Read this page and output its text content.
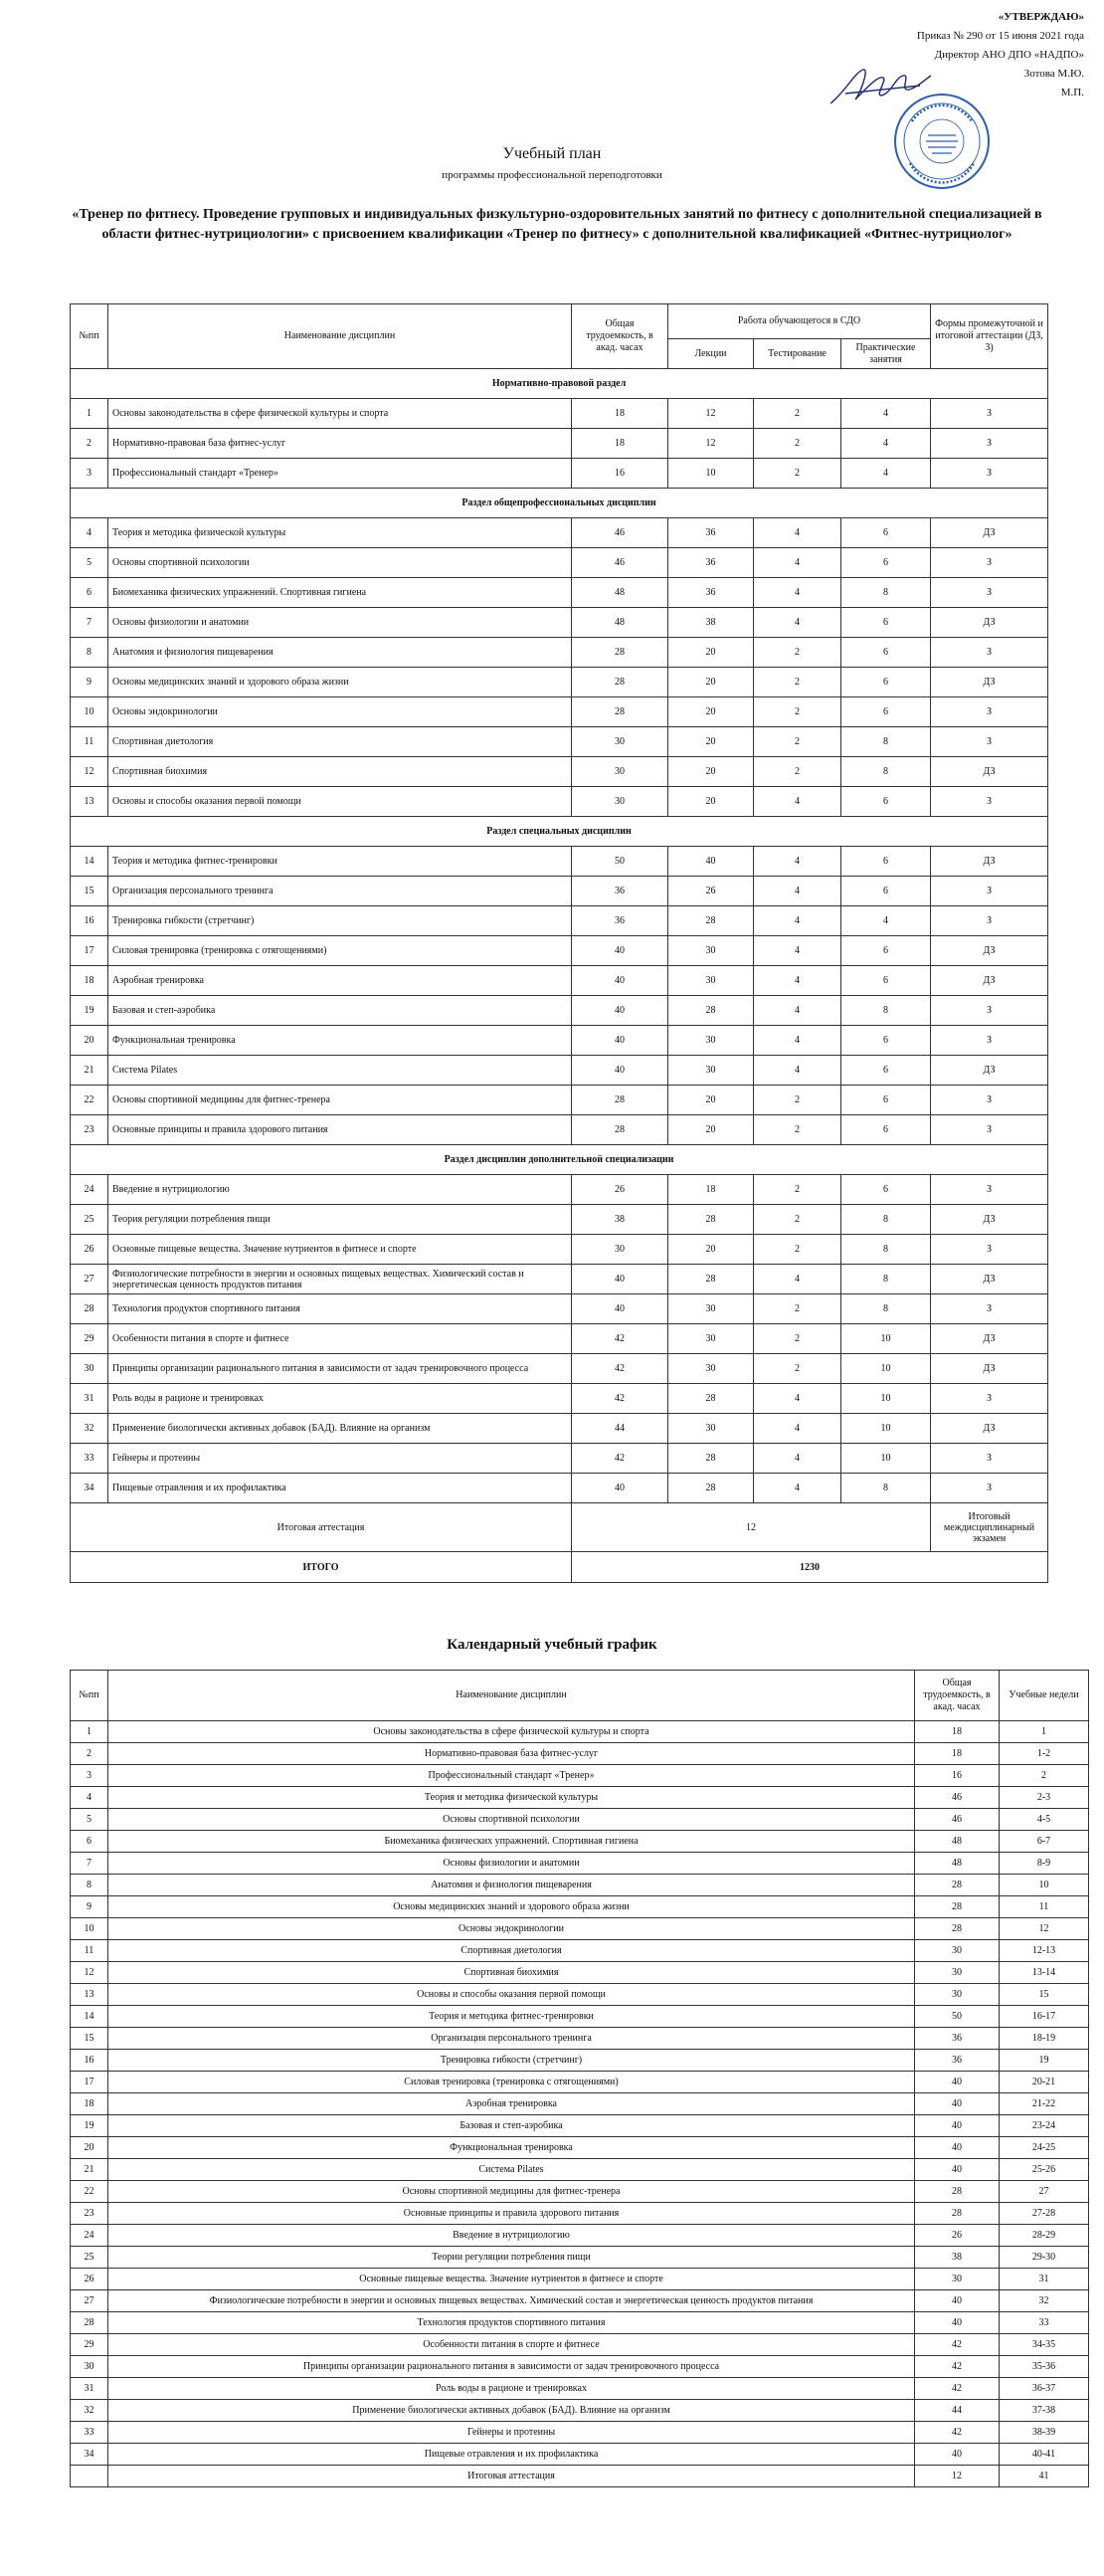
«УТВЕРЖДАЮ»
Приказ № 290 от 15 июня 2021 года
Директор АНО ДПО «НАДПО»
Зотова М.Ю.
М.П.
Учебный план
программы профессиональной переподготовки
«Тренер по фитнесу. Проведение групповых и индивидуальных физкультурно-оздоровительных занятий по фитнесу с дополнительной специализацией в области фитнес-нутрициологии» с присвоением квалификации «Тренер по фитнесу» с дополнительной квалификацией «Фитнес-нутрициолог»
№пп	Наименование дисциплин	Общая трудоемкость, в акад. часах	Работа обучающегося в СДО			Формы промежуточной и итоговой аттестации (ДЗ, З)
			Лекции	Тестирование	Практические занятия	
Нормативно-правовой раздел						
1	Основы законодательства в сфере физической культуры и спорта	18	12	2	4	З
2	Нормативно-правовая база фитнес-услуг	18	12	2	4	З
3	Профессиональный стандарт «Тренер»	16	10	2	4	З
Раздел общепрофессиональных дисциплин						
4	Теория и методика физической культуры	46	36	4	6	ДЗ
5	Основы спортивной психологии	46	36	4	6	З
6	Биомеханика физических упражнений. Спортивная гигиена	48	36	4	8	З
7	Основы физиологии и анатомии	48	38	4	6	ДЗ
8	Анатомия и физиология пищеварения	28	20	2	6	З
9	Основы медицинских знаний и здорового образа жизни	28	20	2	6	ДЗ
10	Основы эндокринологии	28	20	2	6	З
11	Спортивная диетология	30	20	2	8	З
12	Спортивная биохимия	30	20	2	8	ДЗ
13	Основы и способы оказания первой помощи	30	20	4	6	З
Раздел специальных дисциплин						
14	Теория и методика фитнес-тренировки	50	40	4	6	ДЗ
15	Организация персонального тренинга	36	26	4	6	З
16	Тренировка гибкости (стретчинг)	36	28	4	4	З
17	Силовая тренировка (тренировка с отягощениями)	40	30	4	6	ДЗ
18	Аэробная тренировка	40	30	4	6	ДЗ
19	Базовая и степ-аэробика	40	28	4	8	З
20	Функциональная тренировка	40	30	4	6	З
21	Система Pilates	40	30	4	6	ДЗ
22	Основы спортивной медицины для фитнес-тренера	28	20	2	6	З
23	Основные принципы и правила здорового питания	28	20	2	6	З
Раздел дисциплин дополнительной специализации						
24	Введение в нутрициологию	26	18	2	6	З
25	Теория регуляции потребления пищи	38	28	2	8	ДЗ
26	Основные пищевые вещества. Значение нутриентов в фитнесе и спорте	30	20	2	8	З
27	Физиологические потребности в энергии и основных пищевых веществах. Химический состав и энергетическая ценность продуктов питания	40	28	4	8	ДЗ
28	Технология продуктов спортивного питания	40	30	2	8	З
29	Особенности питания в спорте и фитнесе	42	30	2	10	ДЗ
30	Принципы организации рационального питания в зависимости от задач тренировочного процесса	42	30	2	10	ДЗ
31	Роль воды в рационе и тренировках	42	28	4	10	З
32	Применение биологически активных добавок (БАД). Влияние на организм	44	30	4	10	ДЗ
33	Гейнеры и протеины	42	28	4	10	З
34	Пищевые отравления и их профилактика	40	28	4	8	З
Итоговая аттестация		12				Итоговый междисциплинарный экзамен
ИТОГО		1230				
Календарный учебный график
№пп	Наименование дисциплин	Общая трудоемкость, в акад. часах	Учебные недели
1	Основы законодательства в сфере физической культуры и спорта	18	1
2	Нормативно-правовая база фитнес-услуг	18	1-2
3	Профессиональный стандарт «Тренер»	16	2
4	Теория и методика физической культуры	46	2-3
5	Основы спортивной психологии	46	4-5
6	Биомеханика физических упражнений. Спортивная гигиена	48	6-7
7	Основы физиологии и анатомии	48	8-9
8	Анатомия и физиология пищеварения	28	10
9	Основы медицинских знаний и здорового образа жизни	28	11
10	Основы эндокринологии	28	12
11	Спортивная диетология	30	12-13
12	Спортивная биохимия	30	13-14
13	Основы и способы оказания первой помощи	30	15
14	Теория и методика фитнес-тренировки	50	16-17
15	Организация персонального тренинга	36	18-19
16	Тренировка гибкости (стретчинг)	36	19
17	Силовая тренировка (тренировка с отягощениями)	40	20-21
18	Аэробная тренировка	40	21-22
19	Базовая и степ-аэробика	40	23-24
20	Функциональная тренировка	40	24-25
21	Система Pilates	40	25-26
22	Основы спортивной медицины для фитнес-тренера	28	27
23	Основные принципы и правила здорового питания	28	27-28
24	Введение в нутрициологию	26	28-29
25	Теории регуляции потребления пищи	38	29-30
26	Основные пищевые вещества. Значение нутриентов в фитнесе и спорте	30	31
27	Физиологические потребности в энергии и основных пищевых веществах. Химический состав и энергетическая ценность продуктов питания	40	32
28	Технология продуктов спортивного питания	40	33
29	Особенности питания в спорте и фитнесе	42	34-35
30	Принципы организации рационального питания в зависимости от задач тренировочного процесса	42	35-36
31	Роль воды в рационе и тренировках	42	36-37
32	Применение биологически активных добавок (БАД). Влияние на организм	44	37-38
33	Гейнеры и протеины	42	38-39
34	Пищевые отравления и их профилактика	40	40-41
	Итоговая аттестация	12	41
